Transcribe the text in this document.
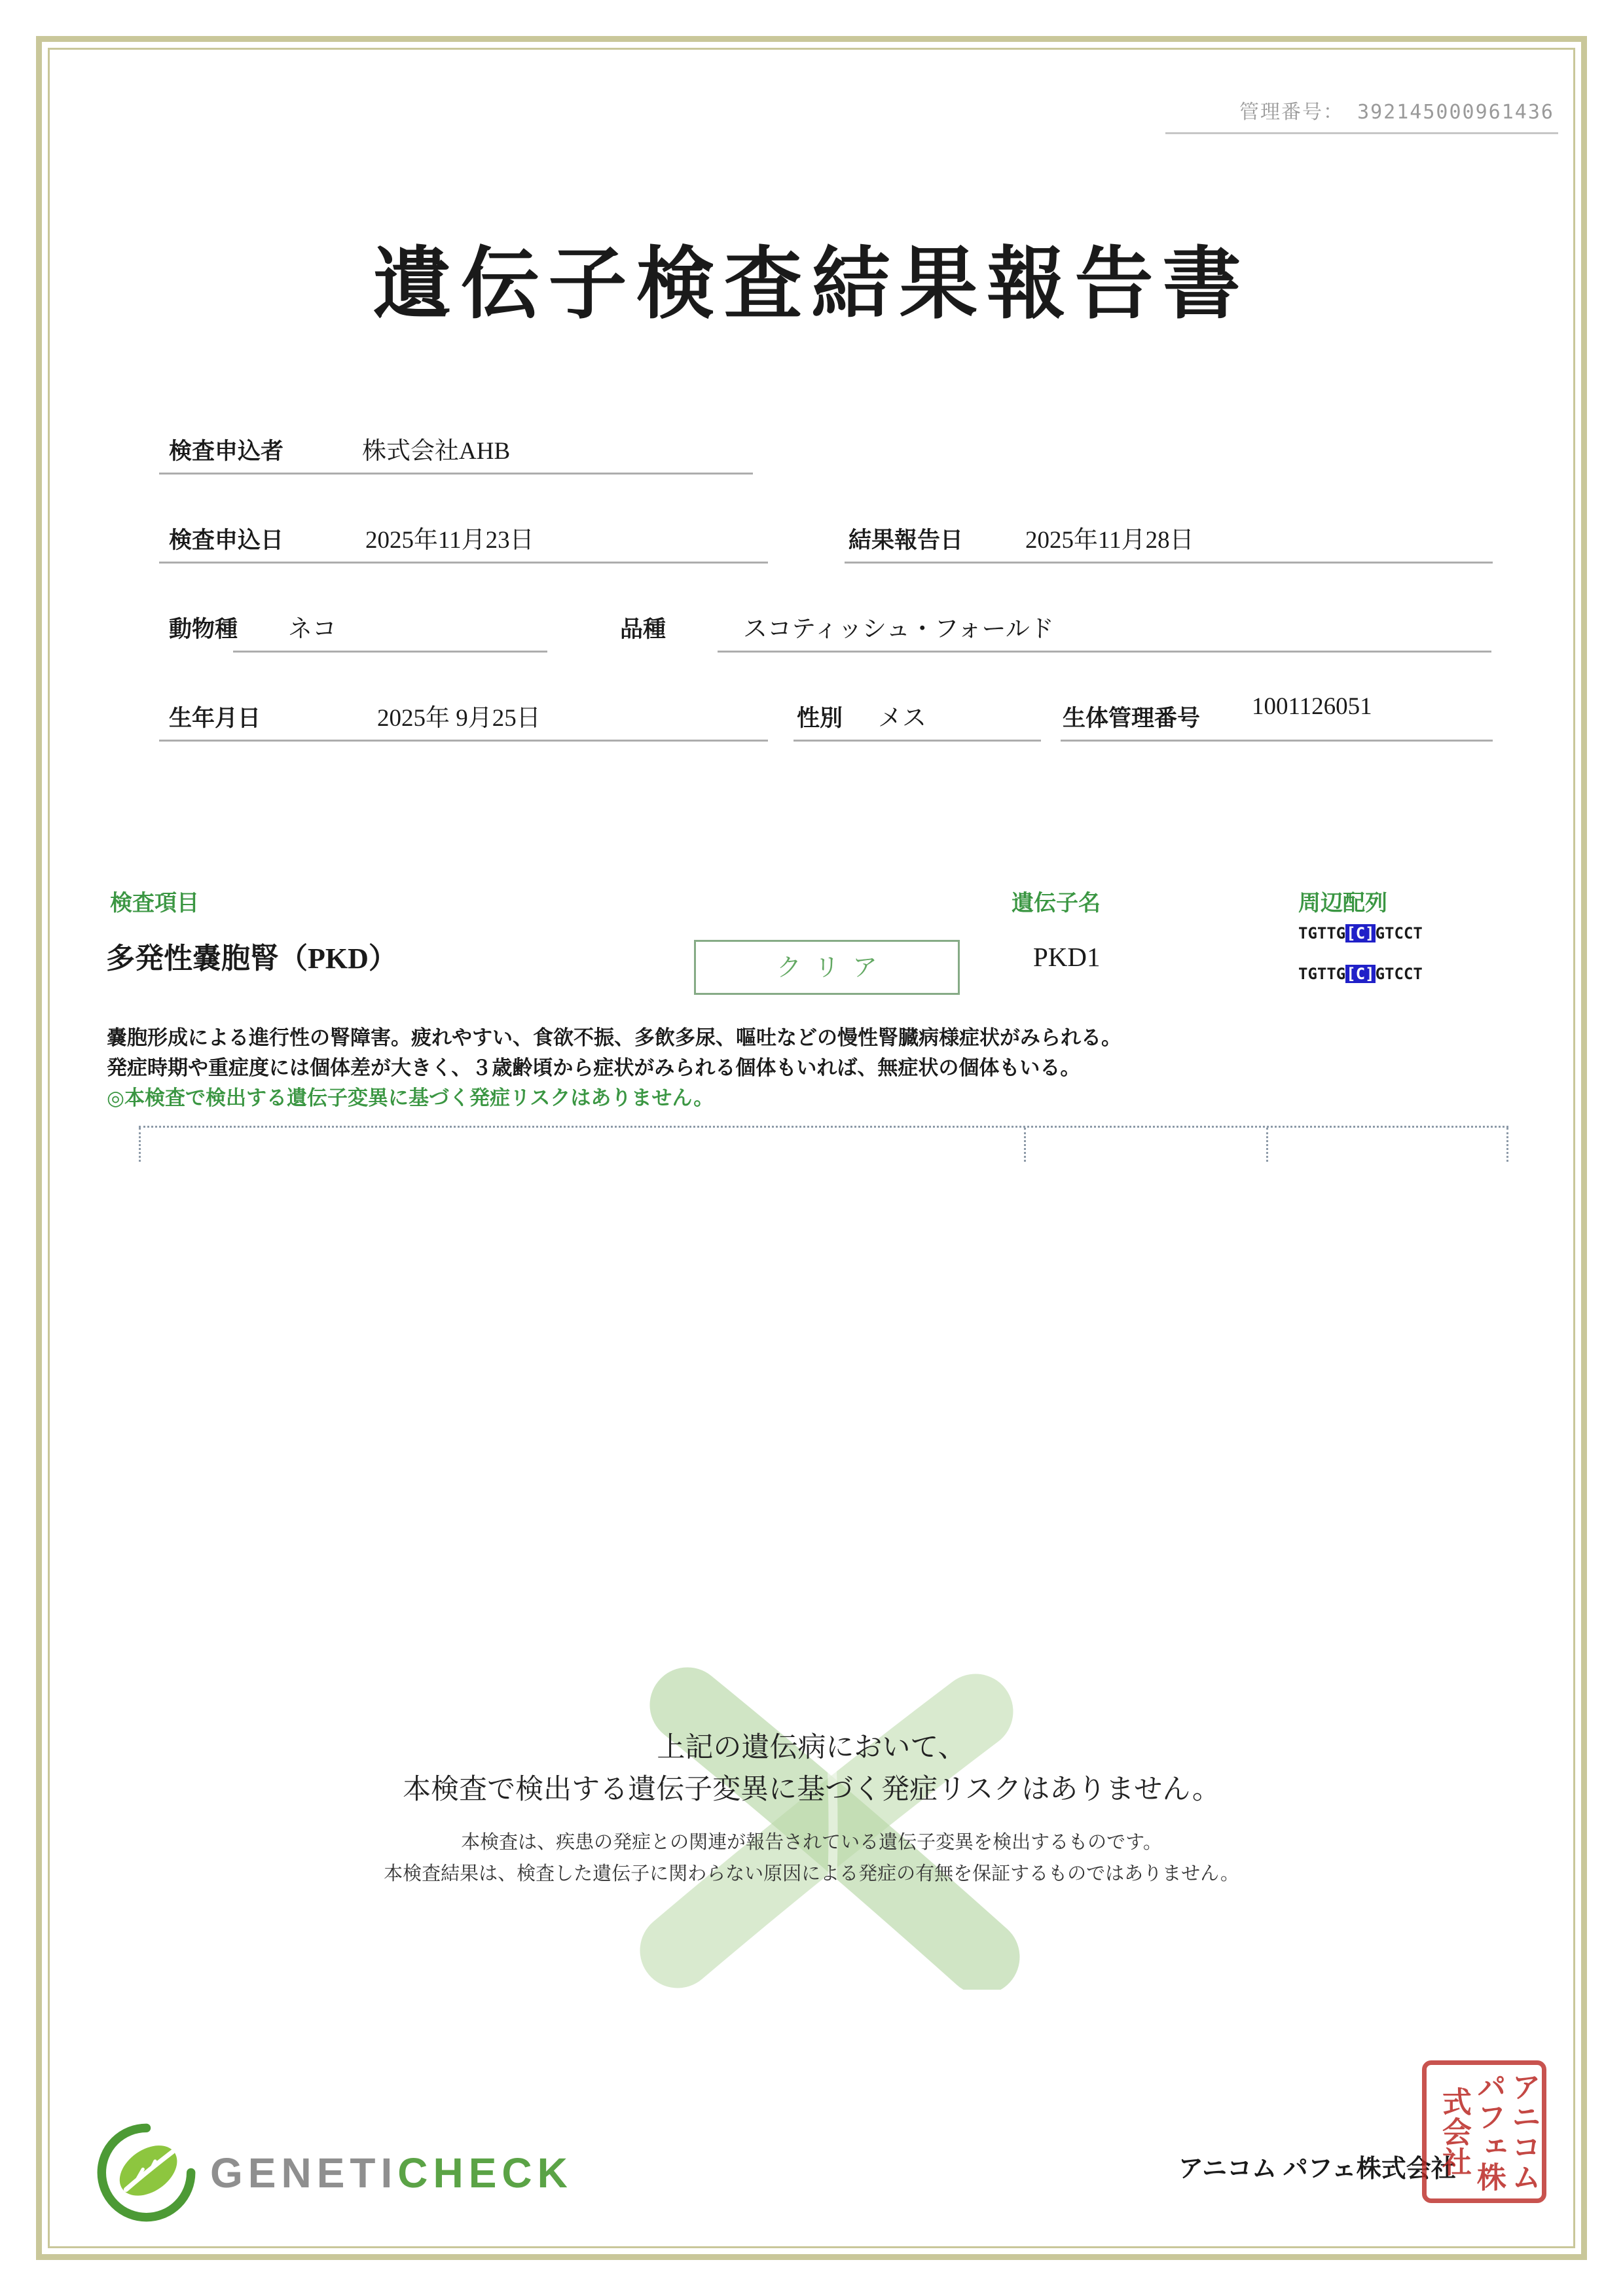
管理番号： 392145000961436
遺伝子検査結果報告書
検査申込者	株式会社AHB
検査申込日	2025年11月23日	結果報告日	2025年11月28日
動物種 ネコ	品種	スコティッシュ・フォールド
生年月日	2025年 9月25日	性別 メス	生体管理番号 1001126051
検査項目	遺伝子名	周辺配列
多発性嚢胞腎（PKD）	クリア	PKD1
TGTTG[C]GTCCT
TGTTG[C]GTCCT
嚢胞形成による進行性の腎障害。疲れやすい、食欲不振、多飲多尿、嘔吐などの慢性腎臓病様症状がみられる。
発症時期や重症度には個体差が大きく、３歳齢頃から症状がみられる個体もいれば、無症状の個体もいる。
◎本検査で検出する遺伝子変異に基づく発症リスクはありません。
上記の遺伝病において、
本検査で検出する遺伝子変異に基づく発症リスクはありません。
本検査は、疾患の発症との関連が報告されている遺伝子変異を検出するものです。
本検査結果は、検査した遺伝子に関わらない原因による発症の有無を保証するものではありません。
GENETICHECK	アニコム パフェ株式会社	アニコムパフェ株式会社
